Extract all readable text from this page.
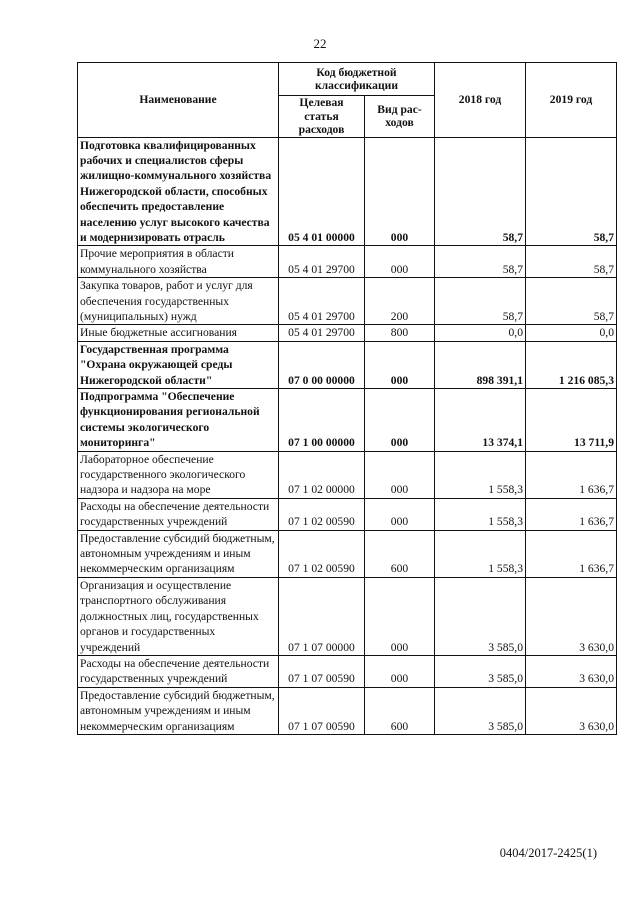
22
Наименование	Код бюджетной классификации		2018 год	2019 год
	Целевая статья расходов	Вид рас-ходов		
Подготовка квалифицированных рабочих и специалистов сферы жилищно-коммунального хозяйства Нижегородской области, способных обеспечить предоставление населению услуг высокого качества и модернизировать отрасль	05 4 01 00000	000	58,7	58,7
Прочие мероприятия в области коммунального хозяйства	05 4 01 29700	000	58,7	58,7
Закупка товаров, работ и услуг для обеспечения государственных (муниципальных) нужд	05 4 01 29700	200	58,7	58,7
Иные бюджетные ассигнования	05 4 01 29700	800	0,0	0,0
Государственная программа "Охрана окружающей среды Нижегородской области"	07 0 00 00000	000	898 391,1	1 216 085,3
Подпрограмма "Обеспечение функционирования региональной системы экологического мониторинга"	07 1 00 00000	000	13 374,1	13 711,9
Лабораторное обеспечение государственного экологического надзора и надзора на море	07 1 02 00000	000	1 558,3	1 636,7
Расходы на обеспечение деятельности государственных учреждений	07 1 02 00590	000	1 558,3	1 636,7
Предоставление субсидий бюджетным, автономным учреждениям и иным некоммерческим организациям	07 1 02 00590	600	1 558,3	1 636,7
Организация и осуществление транспортного обслуживания должностных лиц, государственных органов и государственных учреждений	07 1 07 00000	000	3 585,0	3 630,0
Расходы на обеспечение деятельности государственных учреждений	07 1 07 00590	000	3 585,0	3 630,0
Предоставление субсидий бюджетным, автономным учреждениям и иным некоммерческим организациям	07 1 07 00590	600	3 585,0	3 630,0
0404/2017-2425(1)
